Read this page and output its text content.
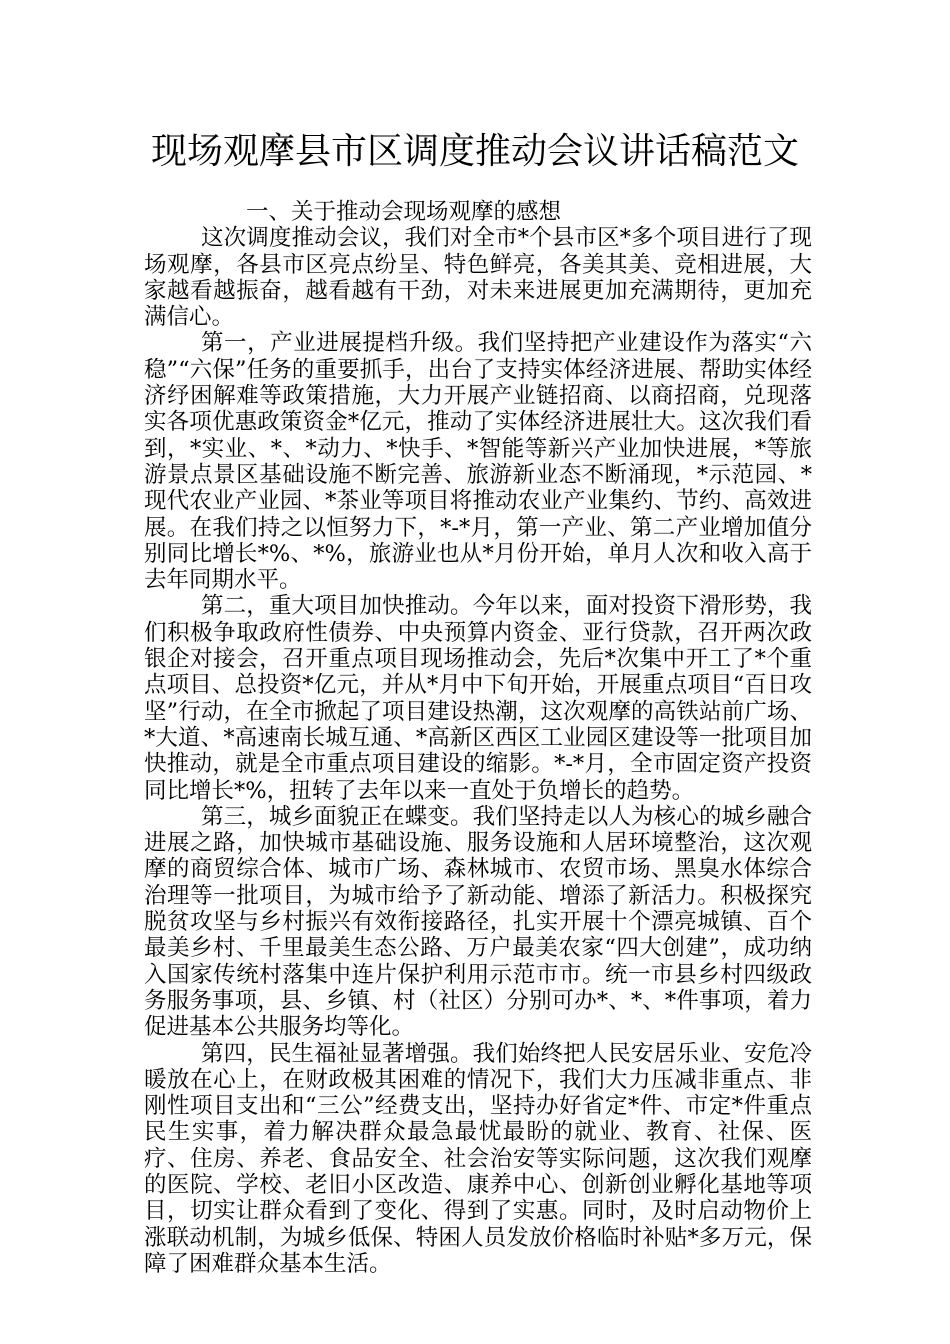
现场观摩县市区调度推动会议讲话稿范文

一、关于推动会现场观摩的感想

这次调度推动会议，我们对全市*个县市区*多个项目进行了现场观摩，各县市区亮点纷呈、特色鲜亮，各美其美、竞相进展，大家越看越振奋，越看越有干劲，对未来进展更加充满期待，更加充满信心。

第一，产业进展提档升级。我们坚持把产业建设作为落实“六稳”“六保”任务的重要抓手，出台了支持实体经济进展、帮助实体经济纾困解难等政策措施，大力开展产业链招商、以商招商，兑现落实各项优惠政策资金*亿元，推动了实体经济进展壮大。这次我们看到，*实业、*、*动力、*快手、*智能等新兴产业加快进展，*等旅游景点景区基础设施不断完善、旅游新业态不断涌现，*示范园、*现代农业产业园、*茶业等项目将推动农业产业集约、节约、高效进展。在我们持之以恒努力下，*-*月，第一产业、第二产业增加值分别同比增长*%、*%，旅游业也从*月份开始，单月人次和收入高于去年同期水平。

第二，重大项目加快推动。今年以来，面对投资下滑形势，我们积极争取政府性债券、中央预算内资金、亚行贷款，召开两次政银企对接会，召开重点项目现场推动会，先后*次集中开工了*个重点项目、总投资*亿元，并从*月中下旬开始，开展重点项目“百日攻坚”行动，在全市掀起了项目建设热潮，这次观摩的高铁站前广场、*大道、*高速南长城互通、*高新区西区工业园区建设等一批项目加快推动，就是全市重点项目建设的缩影。*-*月，全市固定资产投资同比增长*%，扭转了去年以来一直处于负增长的趋势。

第三，城乡面貌正在蝶变。我们坚持走以人为核心的城乡融合进展之路，加快城市基础设施、服务设施和人居环境整治，这次观摩的商贸综合体、城市广场、森林城市、农贸市场、黑臭水体综合治理等一批项目，为城市给予了新动能、增添了新活力。积极探究脱贫攻坚与乡村振兴有效衔接路径，扎实开展十个漂亮城镇、百个最美乡村、千里最美生态公路、万户最美农家“四大创建”，成功纳入国家传统村落集中连片保护利用示范市市。统一市县乡村四级政务服务事项，县、乡镇、村（社区）分别可办*、*、*件事项，着力促进基本公共服务均等化。

第四，民生福祉显著增强。我们始终把人民安居乐业、安危冷暖放在心上，在财政极其困难的情况下，我们大力压减非重点、非刚性项目支出和“三公”经费支出，坚持办好省定*件、市定*件重点民生实事，着力解决群众最急最忧最盼的就业、教育、社保、医疗、住房、养老、食品安全、社会治安等实际问题，这次我们观摩的医院、学校、老旧小区改造、康养中心、创新创业孵化基地等项目，切实让群众看到了变化、得到了实惠。同时，及时启动物价上涨联动机制，为城乡低保、特困人员发放价格临时补贴*多万元，保障了困难群众基本生活。
